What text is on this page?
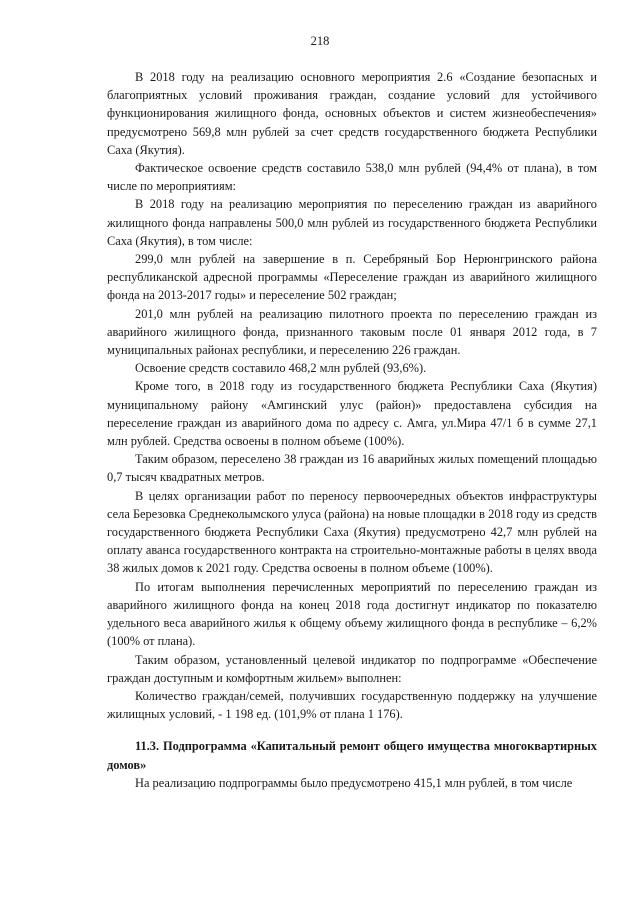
218

В 2018 году на реализацию основного мероприятия 2.6 «Создание безопасных и благоприятных условий проживания граждан, создание условий для устойчивого функционирования жилищного фонда, основных объектов и систем жизнеобеспечения» предусмотрено 569,8 млн рублей за счет средств государственного бюджета Республики Саха (Якутия).

Фактическое освоение средств составило 538,0 млн рублей (94,4% от плана), в том числе по мероприятиям:

В 2018 году на реализацию мероприятия по переселению граждан из аварийного жилищного фонда направлены 500,0 млн рублей из государственного бюджета Республики Саха (Якутия), в том числе:

299,0 млн рублей на завершение в п. Серебряный Бор Нерюнгринского района республиканской адресной программы «Переселение граждан из аварийного жилищного фонда на 2013-2017 годы» и переселение 502 граждан;

201,0 млн рублей на реализацию пилотного проекта по переселению граждан из аварийного жилищного фонда, признанного таковым после 01 января 2012 года, в 7 муниципальных районах республики, и переселению 226 граждан.

Освоение средств составило 468,2 млн рублей (93,6%).

Кроме того, в 2018 году из государственного бюджета Республики Саха (Якутия) муниципальному району «Амгинский улус (район)» предоставлена субсидия на переселение граждан из аварийного дома по адресу с. Амга, ул.Мира 47/1 б в сумме 27,1 млн рублей. Средства освоены в полном объеме (100%).

Таким образом, переселено 38 граждан из 16 аварийных жилых помещений площадью 0,7 тысяч квадратных метров.

В целях организации работ по переносу первоочередных объектов инфраструктуры села Березовка Среднеколымского улуса (района) на новые площадки в 2018 году из средств государственного бюджета Республики Саха (Якутия) предусмотрено 42,7 млн рублей на оплату аванса государственного контракта на строительно-монтажные работы в целях ввода 38 жилых домов к 2021 году. Средства освоены в полном объеме (100%).

По итогам выполнения перечисленных мероприятий по переселению граждан из аварийного жилищного фонда на конец 2018 года достигнут индикатор по показателю удельного веса аварийного жилья к общему объему жилищного фонда в республике – 6,2% (100% от плана).

Таким образом, установленный целевой индикатор по подпрограмме «Обеспечение граждан доступным и комфортным жильем» выполнен:

Количество граждан/семей, получивших государственную поддержку на улучшение жилищных условий, - 1 198 ед. (101,9% от плана 1 176).

11.3. Подпрограмма «Капитальный ремонт общего имущества многоквартирных домов»

На реализацию подпрограммы было предусмотрено 415,1 млн рублей, в том числе
